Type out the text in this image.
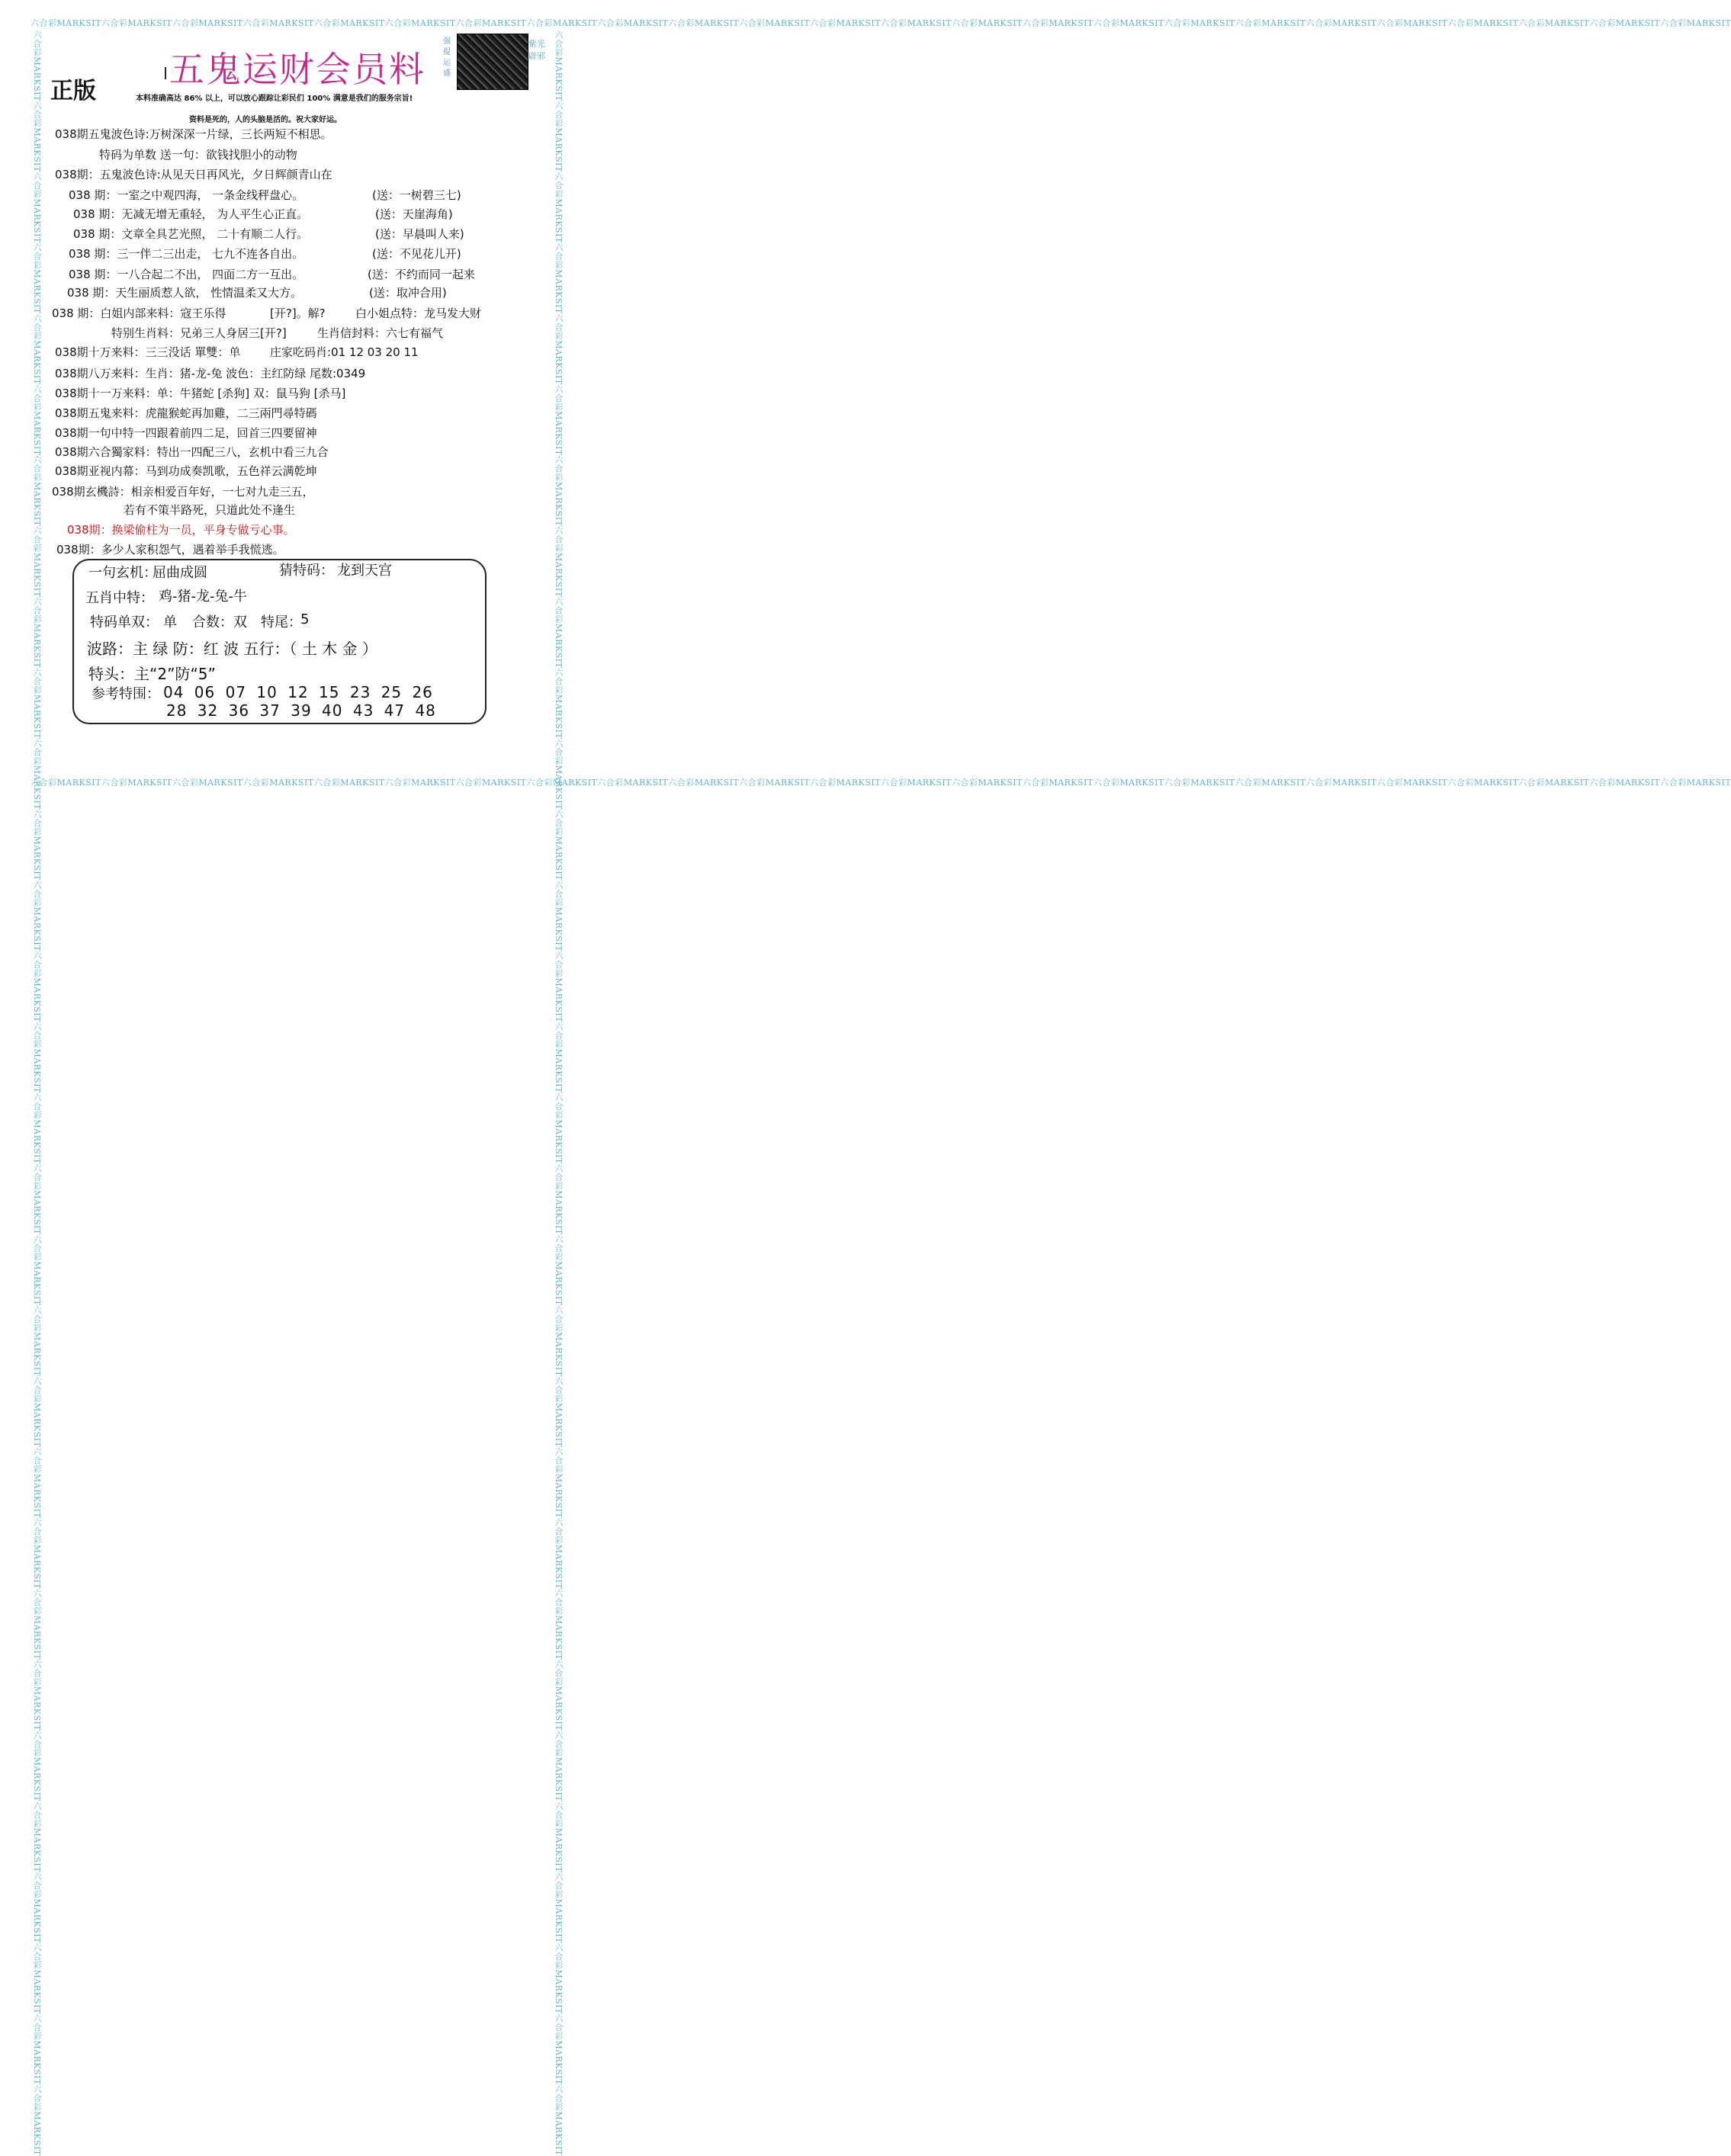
六合彩MARKSIT六合彩MARKSIT六合彩MARKSIT六合彩MARKSIT六合彩MARKSIT六合彩MARKSIT六合彩MARKSIT六合彩MARKSIT六合彩MARKSIT六合彩MARKSIT六合彩MARKSIT六合彩MARKSIT六合彩MARKSIT六合彩MARKSIT六合彩MARKSIT六合彩MARKSIT六合彩MARKSIT六合彩MARKSIT六合彩MARKSIT六合彩MARKSIT六合彩MARKSIT六合彩MARKSIT六合彩MARKSIT六合彩MARKSIT
六合彩MARKSIT六合彩MARKSIT六合彩MARKSIT六合彩MARKSIT六合彩MARKSIT六合彩MARKSIT六合彩MARKSIT六合彩MARKSIT六合彩MARKSIT六合彩MARKSIT六合彩MARKSIT六合彩MARKSIT六合彩MARKSIT六合彩MARKSIT六合彩MARKSIT六合彩MARKSIT六合彩MARKSIT六合彩MARKSIT六合彩MARKSIT六合彩MARKSIT六合彩MARKSIT六合彩MARKSIT六合彩MARKSIT六合彩MARKSIT
六合彩MARKSIT六合彩MARKSIT六合彩MARKSIT六合彩MARKSIT六合彩MARKSIT六合彩MARKSIT六合彩MARKSIT六合彩MARKSIT六合彩MARKSIT六合彩MARKSIT六合彩MARKSIT六合彩MARKSIT六合彩MARKSIT六合彩MARKSIT六合彩MARKSIT六合彩MARKSIT六合彩MARKSIT六合彩MARKSIT六合彩MARKSIT六合彩MARKSIT六合彩MARKSIT六合彩MARKSIT六合彩MARKSIT六合彩MARKSIT六合彩MARKSIT六合彩MARKSIT六合彩MARKSIT六合彩MARKSIT六合彩MARKSIT六合彩MARKSIT	六合彩MARKSIT六合彩MARKSIT六合彩MARKSIT六合彩MARKSIT六合彩MARKSIT六合彩MARKSIT六合彩MARKSIT六合彩MARKSIT六合彩MARKSIT六合彩MARKSIT六合彩MARKSIT六合彩MARKSIT六合彩MARKSIT六合彩MARKSIT六合彩MARKSIT六合彩MARKSIT六合彩MARKSIT六合彩MARKSIT六合彩MARKSIT六合彩MARKSIT六合彩MARKSIT六合彩MARKSIT六合彩MARKSIT六合彩MARKSIT六合彩MARKSIT六合彩MARKSIT六合彩MARKSIT六合彩MARKSIT六合彩MARKSIT六合彩MARKSIT
五鬼运财会员料
正版
强提运盛
紫光辟邪
本料准确高达 86% 以上，可以放心跟踪让彩民们 100% 满意是我们的服务宗旨!
资料是死的，人的头脑是活的。祝大家好运。
038期五鬼波色诗:万树深深一片绿，三长两短不相思。
特码为单数 送一句：欲钱找胆小的动物
038期：五鬼波色诗:从见天日再风光，夕日辉颜青山在
038 期：一室之中观四海， 一条金线秤盘心。	(送：一树碧三七)
038 期：无减无增无重轻， 为人平生心正直。	(送：天崖海角)
038 期：文章全具艺光照， 二十有顺二人行。	(送：早晨叫人来)
038 期：三一伴二三出走， 七九不连各自出。	(送：不见花儿开)
038 期：一八合起二不出， 四面二方一互出。	(送：不约而同一起来
038 期：天生丽质惹人欲， 性情温柔又大方。	(送：取冲合用)
038 期：白姐内部来料：寇王乐得	[开?]。解?	白小姐点特：龙马发大财
特别生肖料：兄弟三人身居三[开?]	生肖信封料：六七有福气
038期十万来料：三三没话 單雙：单	庄家吃码肖:01 12 03 20 11
038期八万来料：生肖：猪-龙-兔 波色：主红防绿 尾数:0349
038期十一万来料：单：牛猪蛇 [杀狗] 双：鼠马狗 [杀马]
038期五鬼来料：虎龍猴蛇再加雞，二三兩門尋特碼
038期一句中特一四跟着前四二足，回首三四要留神
038期六合獨家料：特出一四配三八，玄机中看三九合
038期亚视内幕：马到功成奏凯歌，五色祥云满乾坤
038期玄機詩：相亲相爱百年好，一七对九走三五，
若有不策半路死，只道此处不逢生
038期：换梁偷柱为一员，平身专做亏心事。
038期：多少人家积怨气，遇着举手我慌逃。
一句玄机：
屈曲成圆	猜特码： 龙到天宫
五肖中特： 鸡-猪-龙-兔-牛
特码单双： 单 合数： 双 特尾：
5
波路：主 绿 防：红 波 五行：（ 土 木 金 ）
特头：主“2”防“5”
参考特围： 04 06 07 10 12 15 23 25 26
28 32 36 37 39 40 43 47 48
